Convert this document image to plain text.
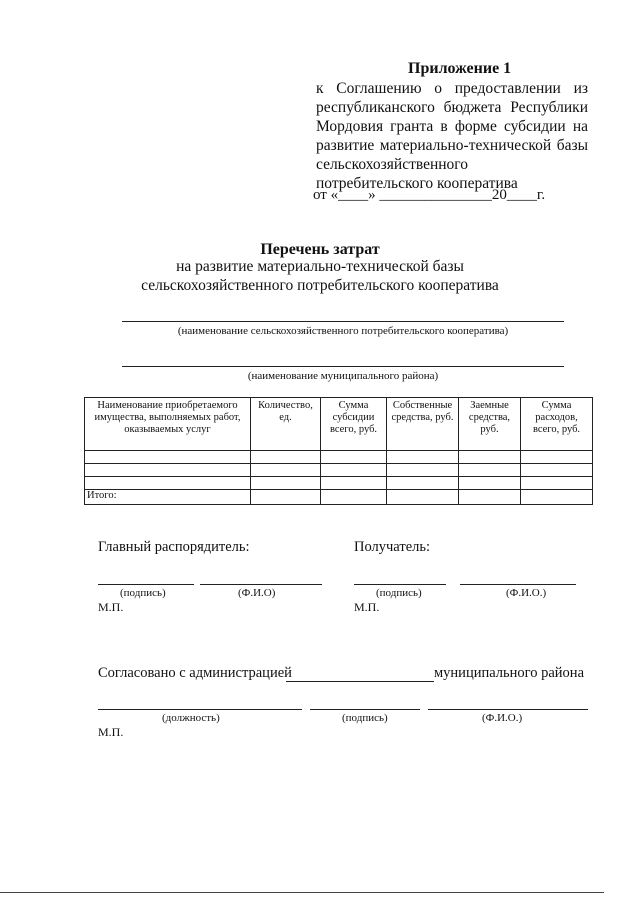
Приложение 1
к Соглашению о предоставлении из республиканского бюджета Республики Мордовия гранта в форме субсидии на развитие материально-технической базы сельскохозяйственного потребительского кооператива
от «____» _______________20____г.
Перечень затрат
на развитие материально-технической базы сельскохозяйственного потребительского кооператива
(наименование сельскохозяйственного потребительского кооператива)
(наименование муниципального района)
Наименование приобретаемого имущества, выполняемых работ, оказываемых услуг	Количество, ед.	Сумма субсидии всего, руб.	Собственные средства, руб.	Заемные средства, руб.	Сумма расходов, всего, руб.

Итого:					
Главный распорядитель:	Получатель:
(подпись)	(Ф.И.О)	(подпись)	(Ф.И.О.)
М.П.	М.П.
Согласовано с администрацией	муниципального района
(должность)	(подпись)	(Ф.И.О.)
М.П.
